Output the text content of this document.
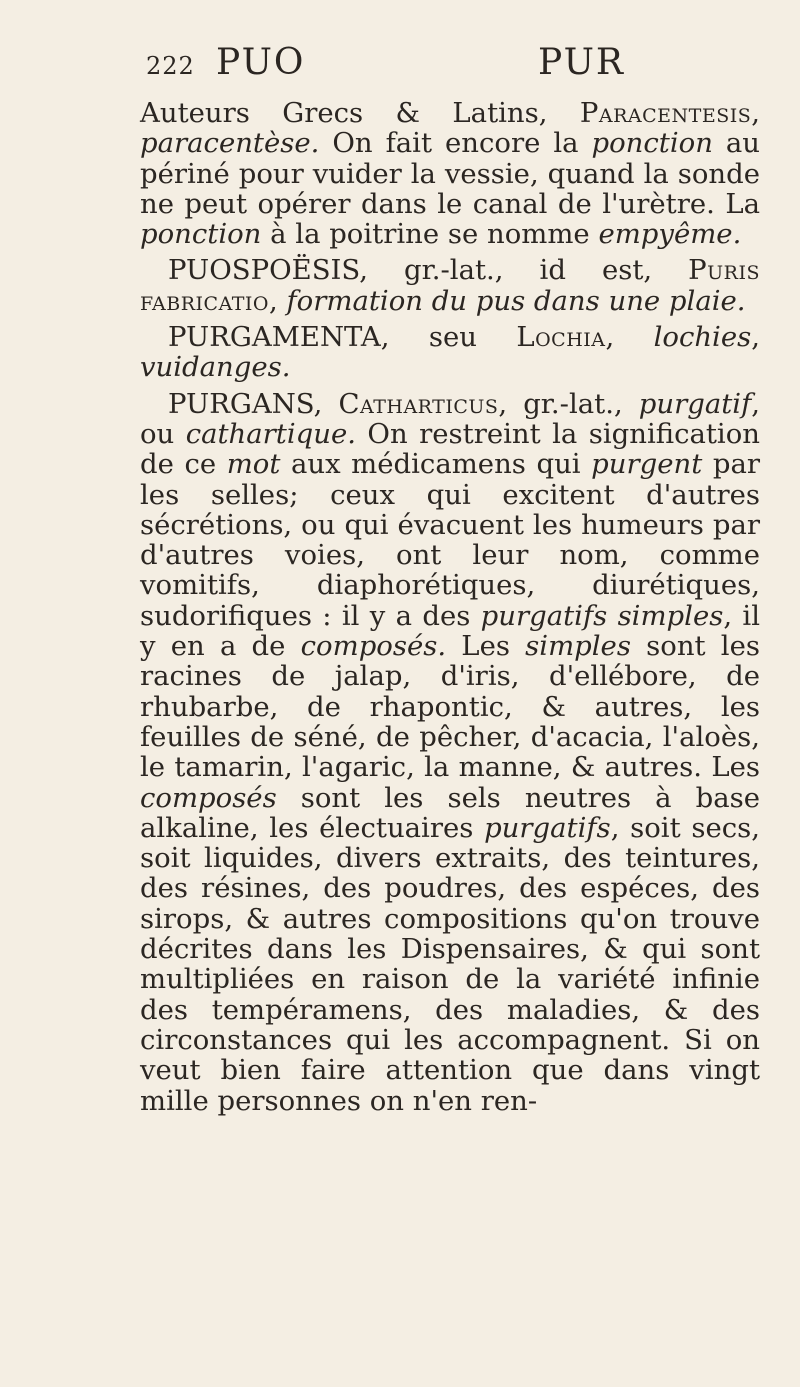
222 PUO	PUR

Auteurs Grecs & Latins, Paracentesis, paracentèse. On fait encore la ponction au périné pour vuider la vessie, quand la sonde ne peut opérer dans le canal de l'urètre. La ponction à la poitrine se nomme empyême.

PUOSPOËSIS, gr.-lat., id est, Puris fabricatio, formation du pus dans une plaie.

PURGAMENTA, seu Lochia, lochies, vuidanges.

PURGANS, Catharticus, gr.-lat., purgatif, ou cathartique. On restreint la signification de ce mot aux médicamens qui purgent par les selles; ceux qui excitent d'autres sécrétions, ou qui évacuent les humeurs par d'autres voies, ont leur nom, comme vomitifs, diaphorétiques, diurétiques, sudorifiques : il y a des purgatifs simples, il y en a de composés. Les simples sont les racines de jalap, d'iris, d'ellébore, de rhubarbe, de rhapontic, & autres, les feuilles de séné, de pêcher, d'acacia, l'aloès, le tamarin, l'agaric, la manne, & autres. Les composés sont les sels neutres à base alkaline, les électuaires purgatifs, soit secs, soit liquides, divers extraits, des teintures, des résines, des poudres, des espéces, des sirops, & autres compositions qu'on trouve décrites dans les Dispensaires, & qui sont multipliées en raison de la variété infinie des tempéramens, des maladies, & des circonstances qui les accompagnent. Si on veut bien faire attention que dans vingt mille personnes on n'en ren-
